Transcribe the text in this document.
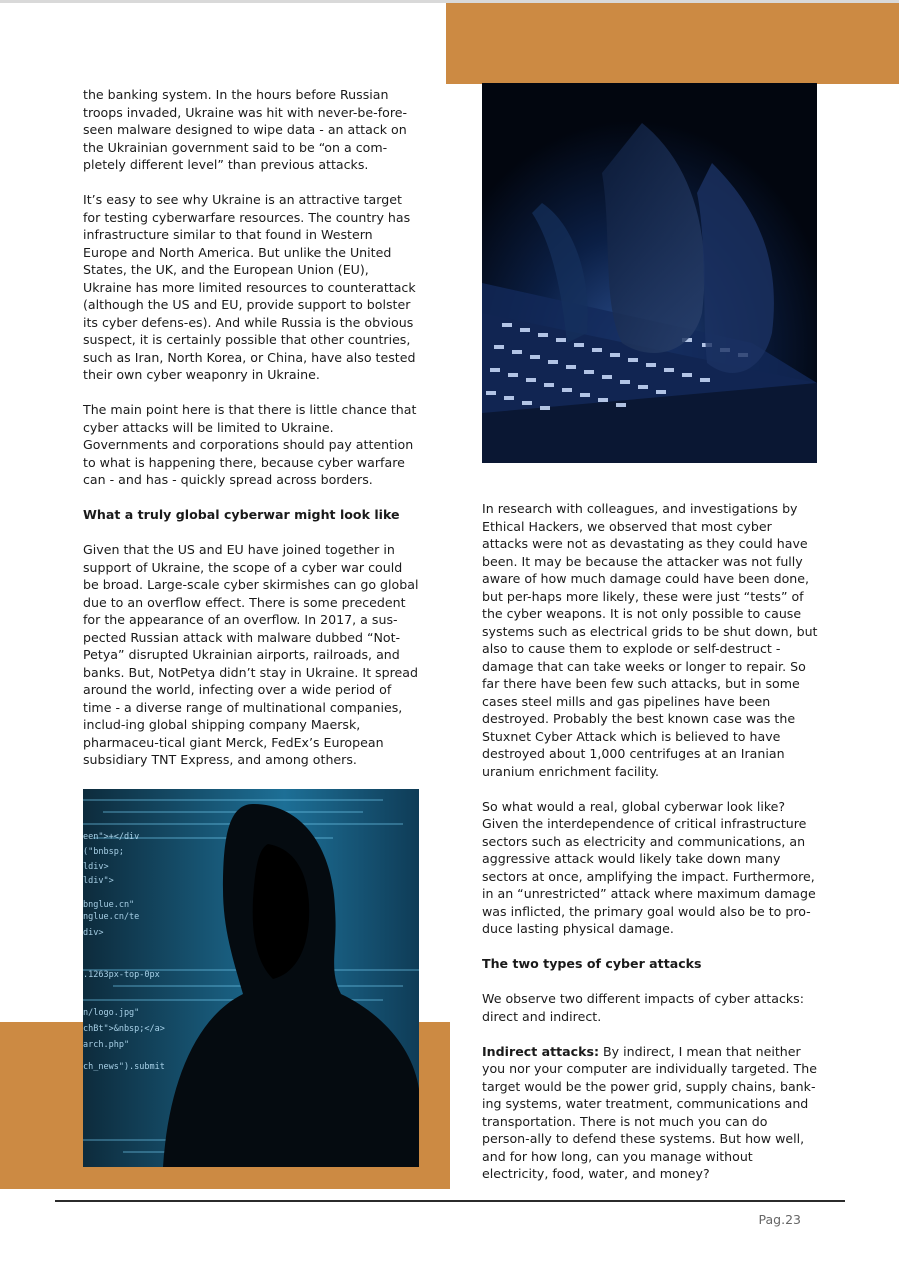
the banking system. In the hours before Russian troops invaded, Ukraine was hit with never-be-fore-seen malware designed to wipe data - an attack on the Ukrainian government said to be “on a com-pletely different level” than previous attacks.

It’s easy to see why Ukraine is an attractive target for testing cyberwarfare resources. The country has infrastructure similar to that found in Western Europe and North America. But unlike the United States, the UK, and the European Union (EU), Ukraine has more limited resources to counterattack (although the US and EU, provide support to bolster its cyber defens-es). And while Russia is the obvious suspect, it is certainly possible that other countries, such as Iran, North Korea, or China, have also tested their own cyber weaponry in Ukraine.

The main point here is that there is little chance that cyber attacks will be limited to Ukraine. Governments and corporations should pay attention to what is happening there, because cyber warfare can - and has - quickly spread across borders.

What a truly global cyberwar might look like

Given that the US and EU have joined together in support of Ukraine, the scope of a cyber war could be broad. Large-scale cyber skirmishes can go global due to an overflow effect. There is some precedent for the appearance of an overflow. In 2017, a sus-pected Russian attack with malware dubbed “Not-Petya” disrupted Ukrainian airports, railroads, and banks. But, NotPetya didn’t stay in Ukraine. It spread around the world, infecting over a wide period of time - a diverse range of multinational companies, includ-ing global shipping company Maersk, pharmaceu-tical giant Merck, FedEx’s European subsidiary TNT Express, and among others.

In research with colleagues, and investigations by Ethical Hackers, we observed that most cyber attacks were not as devastating as they could have been. It may be because the attacker was not fully aware of how much damage could have been done, but per-haps more likely, these were just “tests” of the cyber weapons. It is not only possible to cause systems such as electrical grids to be shut down, but also to cause them to explode or self-destruct - damage that can take weeks or longer to repair. So far there have been few such attacks, but in some cases steel mills and gas pipelines have been destroyed. Probably the best known case was the Stuxnet Cyber Attack which is believed to have destroyed about 1,000 centrifuges at an Iranian uranium enrichment facility.

So what would a real, global cyberwar look like? Given the interdependence of critical infrastructure sectors such as electricity and communications, an aggressive attack would likely take down many sectors at once, amplifying the impact. Furthermore, in an “unrestricted” attack where maximum damage was inflicted, the primary goal would also be to pro-duce lasting physical damage.

The two types of cyber attacks

We observe two different impacts of cyber attacks: direct and indirect.

Indirect attacks: By indirect, I mean that neither you nor your computer are individually targeted. The target would be the power grid, supply chains, bank-ing systems, water treatment, communications and transportation. There is not much you can do person-ally to defend these systems. But how well, and for how long, can you manage without electricity, food, water, and money?

een">+</div
("bnbsp;
ldiv>
ldiv">
bnglue.cn"
nglue.cn/te
div>
.1263px-top-0px
n/logo.jpg"
chBt">&nbsp;</a>
arch.php"
ch_news").submit
Pag.23
